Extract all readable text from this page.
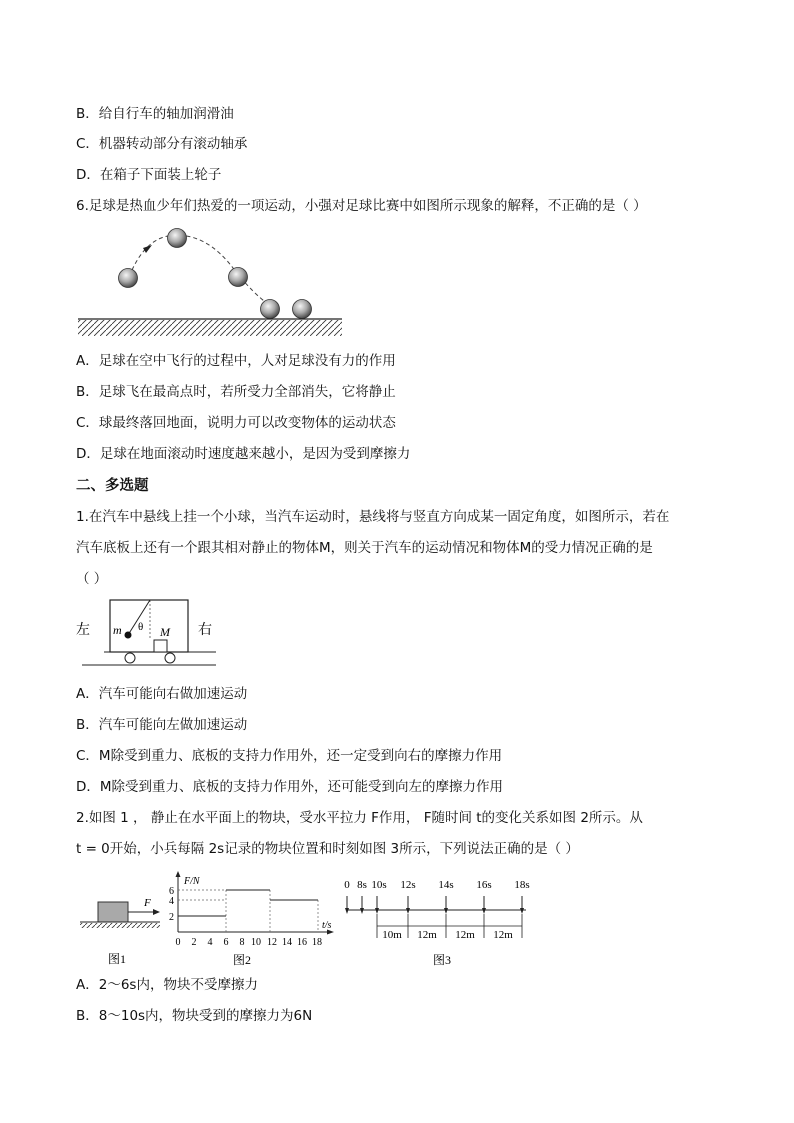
B．给自行车的轴加润滑油
C．机器转动部分有滚动轴承
D．在箱子下面装上轮子
6.足球是热血少年们热爱的一项运动，小强对足球比赛中如图所示现象的解释，不正确的是（ ）
A．足球在空中飞行的过程中，人对足球没有力的作用
B．足球飞在最高点时，若所受力全部消失，它将静止
C．球最终落回地面，说明力可以改变物体的运动状态
D．足球在地面滚动时速度越来越小，是因为受到摩擦力
二、多选题
1.在汽车中悬线上挂一个小球，当汽车运动时，悬线将与竖直方向成某一固定角度，如图所示，若在
汽车底板上还有一个跟其相对静止的物体M，则关于汽车的运动情况和物体M的受力情况正确的是
（ ）
左 m θ M 右
A．汽车可能向右做加速运动
B．汽车可能向左做加速运动
C．M除受到重力、底板的支持力作用外，还一定受到向右的摩擦力作用
D．M除受到重力、底板的支持力作用外，还可能受到向左的摩擦力作用
2.如图 1 ， 静止在水平面上的物块，受水平拉力 F作用， F随时间 t的变化关系如图 2所示。从
t = 0开始，小兵每隔 2s记录的物块位置和时刻如图 3所示，下列说法正确的是（ ）
F
图1
F/N
t/s
2
4
6
0 2 4 6 8 10 12 14 16 18
图2
0 8s 10s 12s 14s 16s 18s
10m 12m 12m 12m
图3
A．2～6s内，物块不受摩擦力
B．8～10s内，物块受到的摩擦力为6N
